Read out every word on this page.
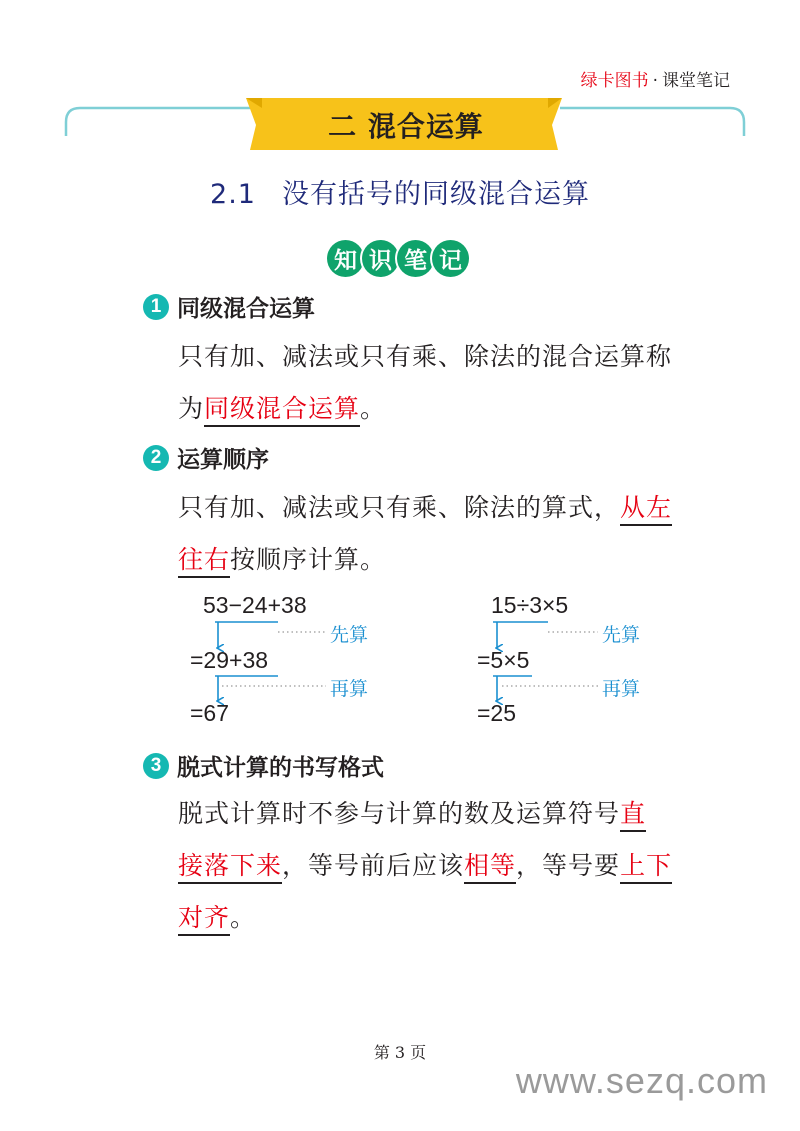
绿卡图书 · 课堂笔记
二 混合运算
2.1 没有括号的同级混合运算
知 识 笔 记
1 同级混合运算
只有加、减法或只有乘、除法的混合运算称
为同级混合运算。
2 运算顺序
只有加、减法或只有乘、除法的算式，从左
往右按顺序计算。
53−24+38
=29+38
=67
先算
再算
15÷3×5
=5×5
=25
先算
再算
3 脱式计算的书写格式
脱式计算时不参与计算的数及运算符号直
接落下来，等号前后应该相等，等号要上下
对齐。
第 3 页
www.sezq.com
